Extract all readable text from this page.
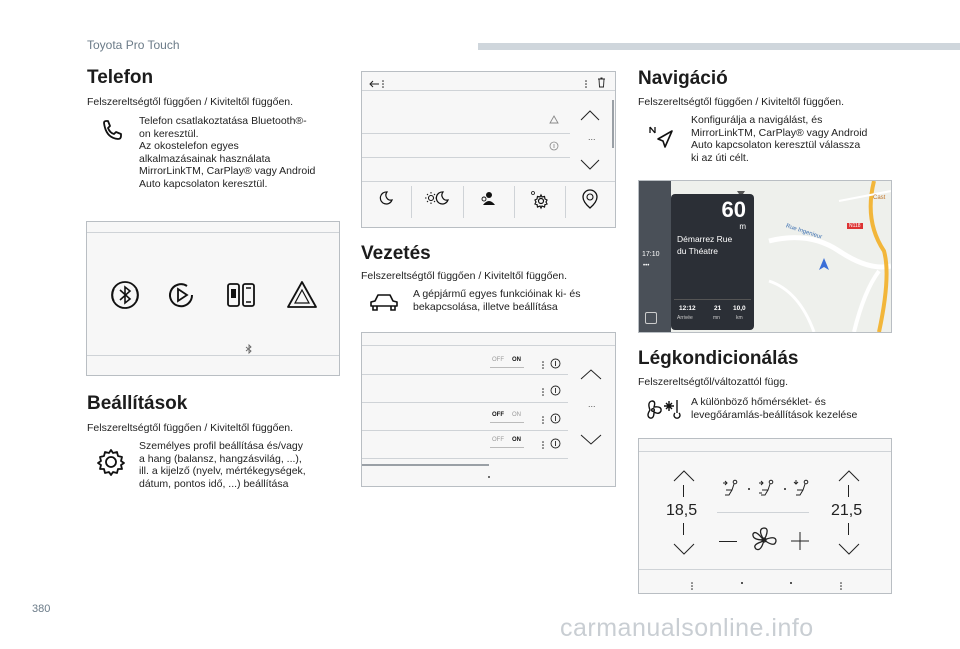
Toyota Pro Touch
Telefon
Felszereltségtől függően / Kiviteltől függően.
Telefon csatlakoztatása Bluetooth®-
on keresztül.
Az okostelefon egyes
alkalmazásainak használata
MirrorLinkTM, CarPlay® vagy Android
Auto kapcsolaton keresztül.
Beállítások
Felszereltségtől függően / Kiviteltől függően.
Személyes profil beállítása és/vagy
a hang (balansz, hangzásvilág, ...),
ill. a kijelző (nyelv, mértékegységek,
dátum, pontos idő, ...) beállítása
...
Vezetés
Felszereltségtől függően / Kiviteltől függően.
A gépjármű egyes funkcióinak ki- és
bekapcsolása, illetve beállítása
OFF ON
OFF ON
OFF ON
...
Navigáció
Felszereltségtől függően / Kiviteltől függően.
Konfigurálja a navigálást, és
MirrorLinkTM, CarPlay® vagy Android
Auto kapcsolaton keresztül válassza
ki az úti célt.
Rue Ingenieur	N118
Cast
17:10
•••
60
m
Démarrez Rue
du Théatre
12:12
Arrivée
21
mn
10,0
km
Légkondicionálás
Felszereltségtől/változattól függ.
A különböző hőmérséklet- és
levegőáramlás-beállítások kezelése
18,5	21,5
380
carmanualsonline.info
